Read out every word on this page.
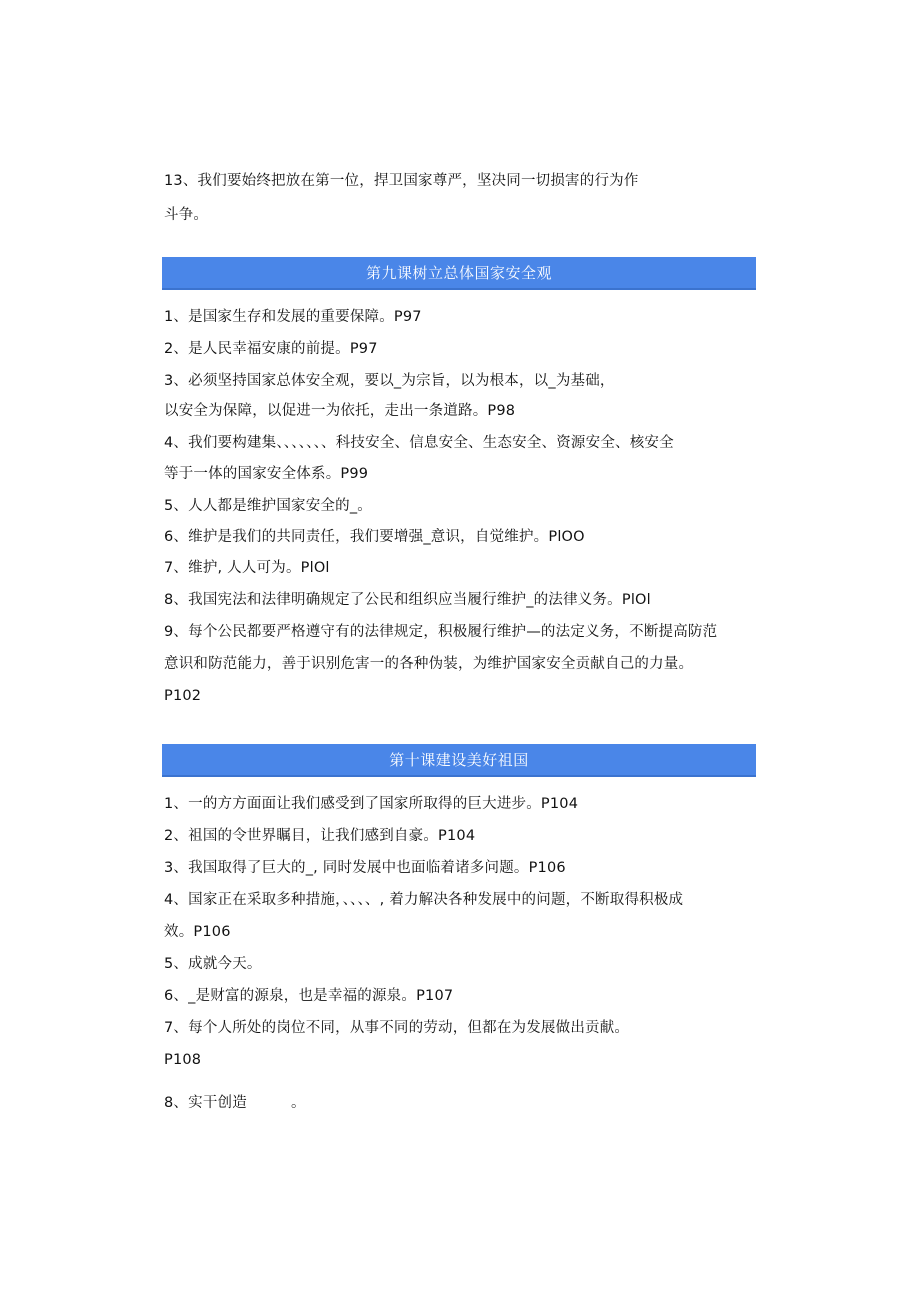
13、我们要始终把放在第一位，捍卫国家尊严，坚决同一切损害的行为作
斗争。
第九课树立总体国家安全观
1、是国家生存和发展的重要保障。P97
2、是人民幸福安康的前提。P97
3、必须坚持国家总体安全观，要以_为宗旨，以为根本，以_为基础，
以安全为保障，以促进一为依托，走出一条道路。P98
4、我们要构建集、、、、、、、科技安全、信息安全、生态安全、资源安全、核安全
等于一体的国家安全体系。P99
5、人人都是维护国家安全的_。
6、维护是我们的共同责任，我们要增强_意识，自觉维护。PlOO
7、维护, 人人可为。PlOl
8、我国宪法和法律明确规定了公民和组织应当履行维护_的法律义务。PlOl
9、每个公民都要严格遵守有的法律规定，积极履行维护—的法定义务，不断提高防范
意识和防范能力，善于识别危害一的各种伪装，为维护国家安全贡献自己的力量。
P102
第十课建设美好祖国
1、一的方方面面让我们感受到了国家所取得的巨大进步。P104
2、祖国的令世界瞩目，让我们感到自豪。P104
3、我国取得了巨大的_, 同时发展中也面临着诸多问题。P106
4、国家正在采取多种措施，、、、、, 着力解决各种发展中的问题，不断取得积极成
效。P106
5、成就今天。
6、_是财富的源泉，也是幸福的源泉。P107
7、每个人所处的岗位不同，从事不同的劳动，但都在为发展做出贡献。
P108
8、实干创造　　　。
